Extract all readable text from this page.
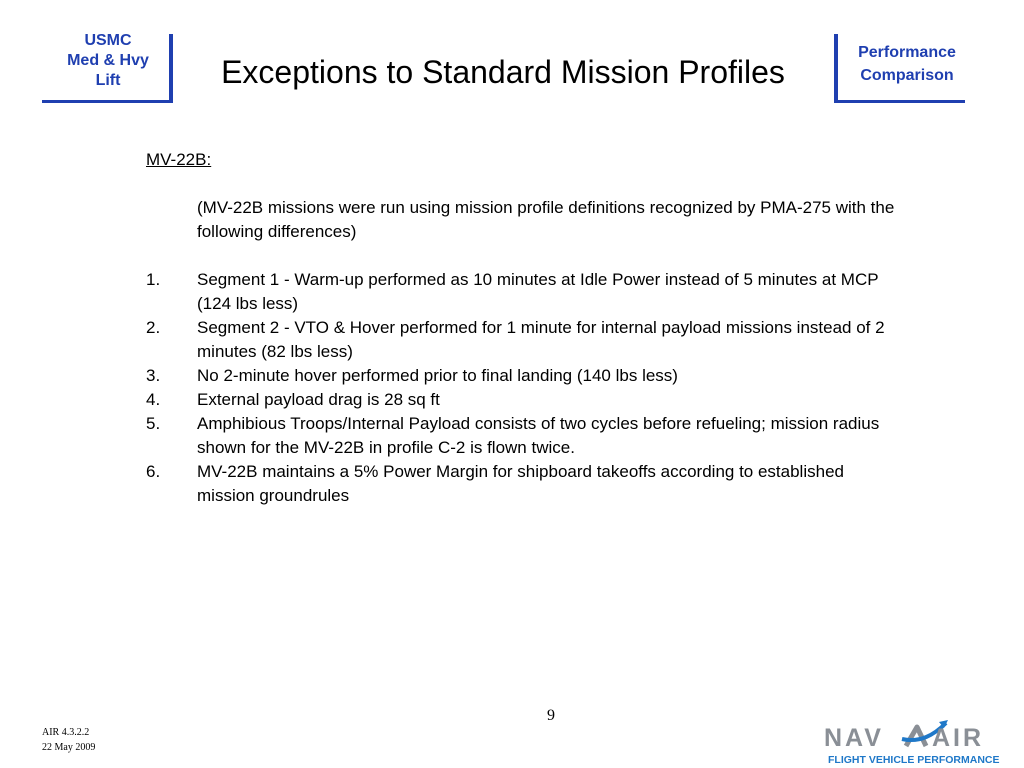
USMC
Med & Hvy
Lift	Exceptions to Standard Mission Profiles
Performance
Comparison
MV-22B:
(MV-22B missions were run using mission profile definitions recognized by PMA-275 with the following differences)
1.	Segment 1 - Warm-up performed as 10 minutes at Idle Power instead of 5 minutes at MCP (124 lbs less)
2.	Segment 2 - VTO & Hover performed for 1 minute for internal payload missions instead of 2 minutes (82 lbs less)
3.	No 2-minute hover performed prior to final landing (140 lbs less)
4.	External payload drag is 28 sq ft
5.	Amphibious Troops/Internal Payload consists of two cycles before refueling; mission radius shown for the MV-22B in profile C-2 is flown twice.
6.	MV-22B maintains a 5% Power Margin for shipboard takeoffs according to established mission groundrules
AIR 4.3.2.2
22 May 2009
9
NAV AIR
FLIGHT VEHICLE PERFORMANCE
